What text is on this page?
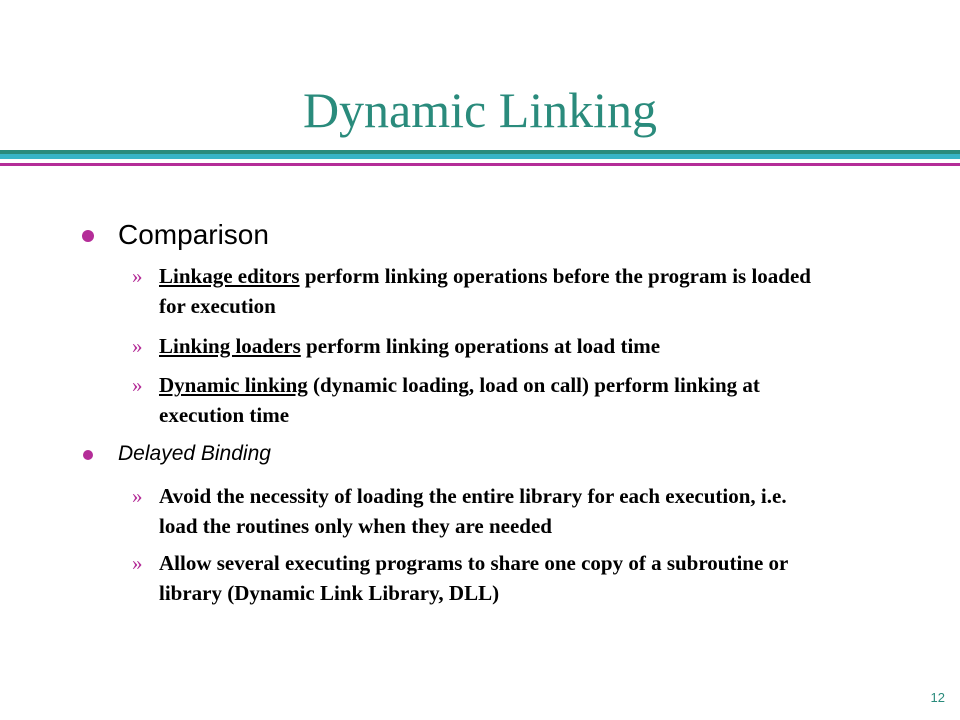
Dynamic Linking
Comparison
» Linkage editors perform linking operations before the program is loaded for execution
» Linking loaders perform linking operations at load time
» Dynamic linking (dynamic loading, load on call) perform linking at execution time
Delayed Binding
» Avoid the necessity of loading the entire library for each execution, i.e. load the routines only when they are needed
» Allow several executing programs to share one copy of a subroutine or library (Dynamic Link Library, DLL)
12
